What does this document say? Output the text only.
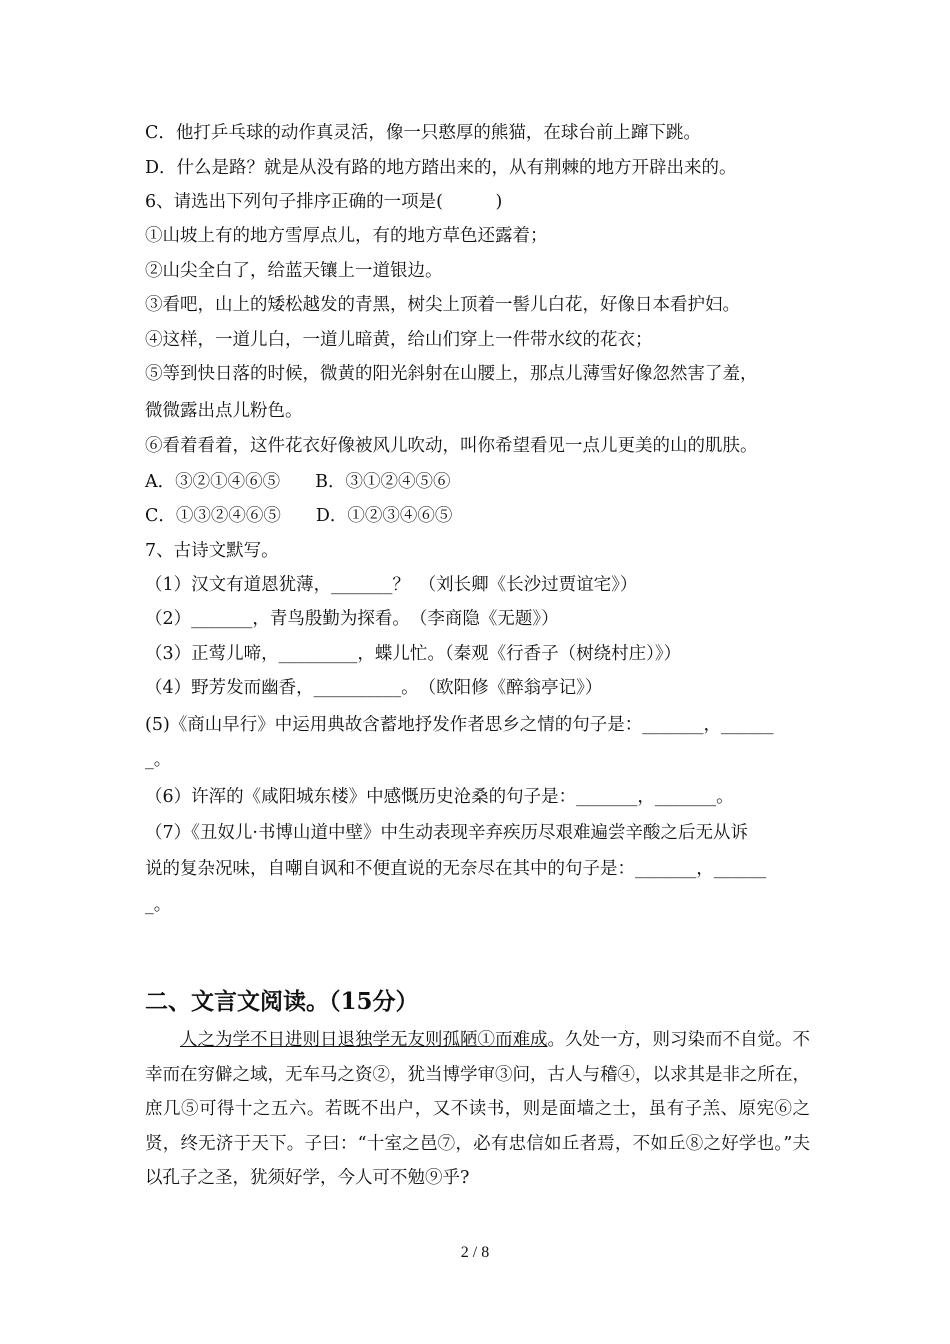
C．他打乒乓球的动作真灵活，像一只憨厚的熊猫，在球台前上蹿下跳。
D．什么是路？就是从没有路的地方踏出来的，从有荆棘的地方开辟出来的。
6、请选出下列句子排序正确的一项是(　　　)
①山坡上有的地方雪厚点儿，有的地方草色还露着；
②山尖全白了，给蓝天镶上一道银边。
③看吧，山上的矮松越发的青黑，树尖上顶着一髻儿白花，好像日本看护妇。
④这样，一道儿白，一道儿暗黄，给山们穿上一件带水纹的花衣；
⑤等到快日落的时候，微黄的阳光斜射在山腰上，那点儿薄雪好像忽然害了羞，
微微露出点儿粉色。
⑥看着看着，这件花衣好像被风儿吹动，叫你希望看见一点儿更美的山的肌肤。
A．③②①④⑥⑤　　B．③①②④⑤⑥
C．①③②④⑥⑤　　D．①②③④⑥⑤
7、古诗文默写。
（1）汉文有道恩犹薄，_______？　（刘长卿《长沙过贾谊宅》）
（2）_______，青鸟殷勤为探看。　（李商隐《无题》）
（3）正莺儿啼，_________，蝶儿忙。（秦观《行香子（树绕村庄）》）
（4）野芳发而幽香，__________。　（欧阳修《醉翁亭记》）
(5)《商山早行》中运用典故含蓄地抒发作者思乡之情的句子是：_______，______
_。
（6）许浑的《咸阳城东楼》中感慨历史沧桑的句子是：_______，_______。
（7）《丑奴儿·书博山道中壁》中生动表现辛弃疾历尽艰难遍尝辛酸之后无从诉
说的复杂况味，自嘲自讽和不便直说的无奈尽在其中的句子是：_______，______
_。
二、文言文阅读。（15分）
人之为学不日进则日退独学无友则孤陋①而难成。久处一方，则习染而不自觉。不幸而在穷僻之域，无车马之资②，犹当博学审③问，古人与稽④，以求其是非之所在，庶几⑤可得十之五六。若既不出户，又不读书，则是面墙之士，虽有子羔、原宪⑥之贤，终无济于天下。子曰：“十室之邑⑦，必有忠信如丘者焉，不如丘⑧之好学也。”夫以孔子之圣，犹须好学，今人可不勉⑨乎?
2 / 8
